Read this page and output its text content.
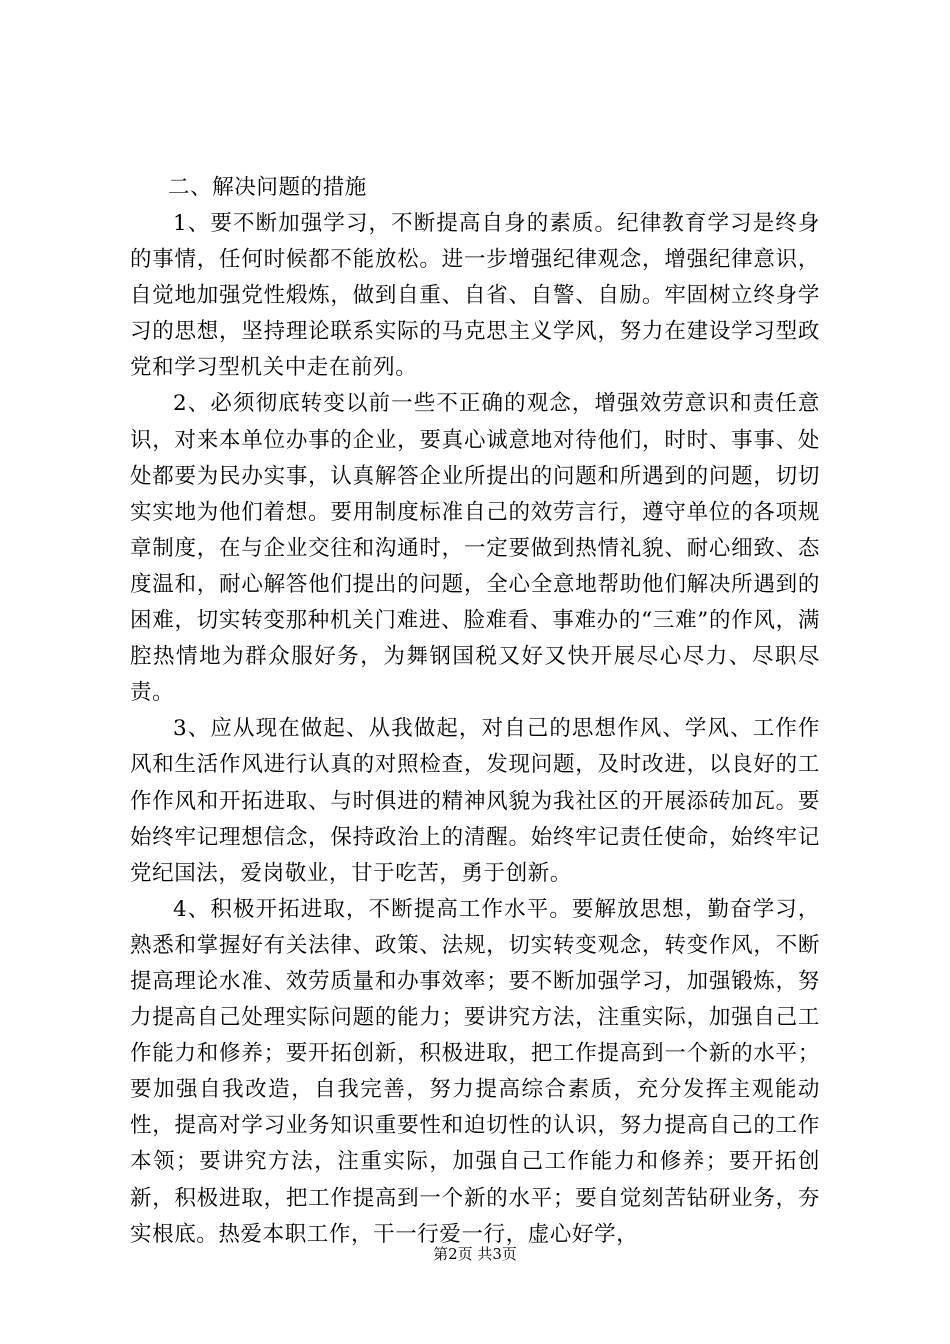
二、解决问题的措施

1、要不断加强学习，不断提高自身的素质。纪律教育学习是终身的事情，任何时候都不能放松。进一步增强纪律观念，增强纪律意识，自觉地加强党性煅炼，做到自重、自省、自警、自励。牢固树立终身学习的思想，坚持理论联系实际的马克思主义学风，努力在建设学习型政党和学习型机关中走在前列。

2、必须彻底转变以前一些不正确的观念，增强效劳意识和责任意识，对来本单位办事的企业，要真心诚意地对待他们，时时、事事、处处都要为民办实事，认真解答企业所提出的问题和所遇到的问题，切切实实地为他们着想。要用制度标准自己的效劳言行，遵守单位的各项规章制度，在与企业交往和沟通时，一定要做到热情礼貌、耐心细致、态度温和，耐心解答他们提出的问题，全心全意地帮助他们解决所遇到的困难，切实转变那种机关门难进、脸难看、事难办的“三难”的作风，满腔热情地为群众服好务，为舞钢国税又好又快开展尽心尽力、尽职尽责。

3、应从现在做起、从我做起，对自己的思想作风、学风、工作作风和生活作风进行认真的对照检查，发现问题，及时改进，以良好的工作作风和开拓进取、与时俱进的精神风貌为我社区的开展添砖加瓦。要始终牢记理想信念，保持政治上的清醒。始终牢记责任使命，始终牢记党纪国法，爱岗敬业，甘于吃苦，勇于创新。

4、积极开拓进取，不断提高工作水平。要解放思想，勤奋学习，熟悉和掌握好有关法律、政策、法规，切实转变观念，转变作风，不断提高理论水准、效劳质量和办事效率；要不断加强学习，加强锻炼，努力提高自己处理实际问题的能力；要讲究方法，注重实际，加强自己工作能力和修养；要开拓创新，积极进取，把工作提高到一个新的水平；要加强自我改造，自我完善，努力提高综合素质，充分发挥主观能动性，提高对学习业务知识重要性和迫切性的认识，努力提高自己的工作本领；要讲究方法，注重实际，加强自己工作能力和修养；要开拓创新，积极进取，把工作提高到一个新的水平；要自觉刻苦钻研业务，夯实根底。热爱本职工作，干一行爱一行，虚心好学，

第2页 共3页
